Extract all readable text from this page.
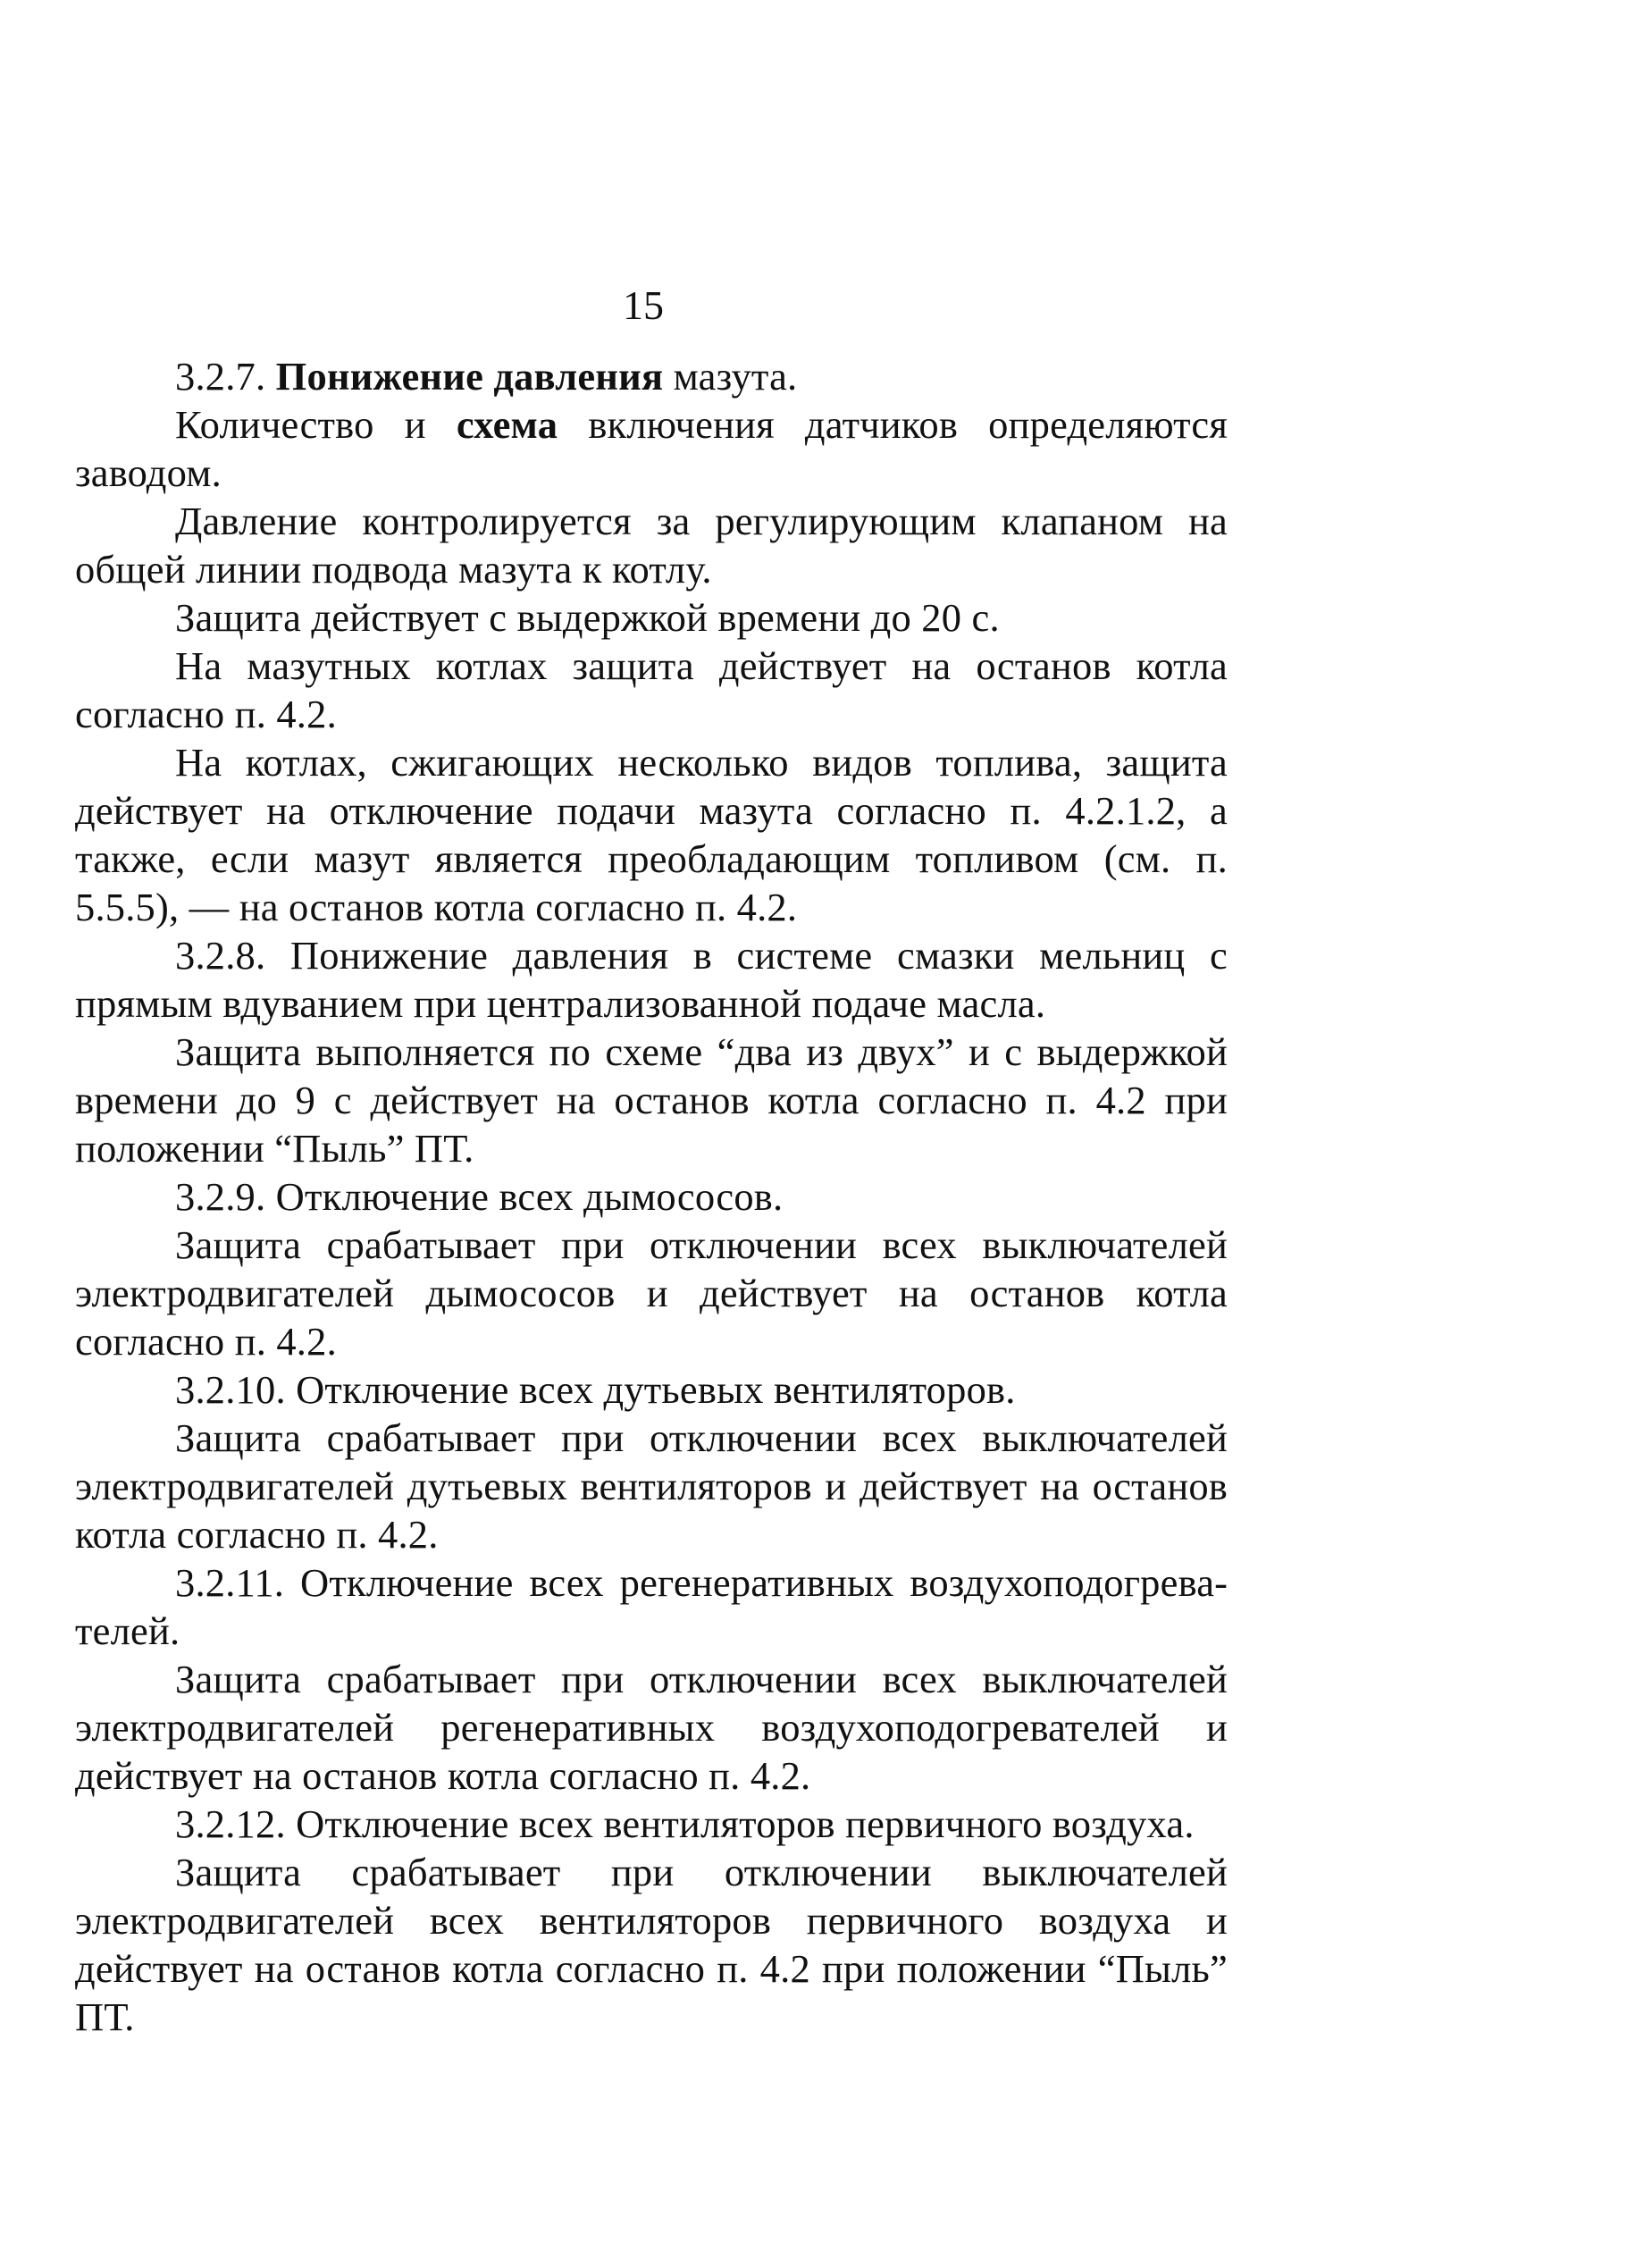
15

3.2.7. Понижение давления мазута.

Количество и схема включения датчиков определяются заводом.

Давление контролируется за регулирующим клапаном на общей линии подвода мазута к котлу.

Защита действует с выдержкой времени до 20 с.

На мазутных котлах защита действует на останов котла согласно п. 4.2.

На котлах, сжигающих несколько видов топлива, защита действует на отключение подачи мазута согласно п. 4.2.1.2, а также, если мазут является преобладающим топливом (см. п. 5.5.5), — на останов котла согласно п. 4.2.

3.2.8. Понижение давления в системе смазки мельниц с прямым вдуванием при централизованной подаче масла.

Защита выполняется по схеме “два из двух” и с выдержкой времени до 9 с действует на останов котла согласно п. 4.2 при положении “Пыль” ПТ.

3.2.9. Отключение всех дымососов.

Защита срабатывает при отключении всех выключателей электродвигателей дымососов и действует на останов котла согласно п. 4.2.

3.2.10. Отключение всех дутьевых вентиляторов.

Защита срабатывает при отключении всех выключателей электродвигателей дутьевых вентиляторов и действует на останов котла согласно п. 4.2.

3.2.11. Отключение всех регенеративных воздухоподогревателей.

Защита срабатывает при отключении всех выключателей электродвигателей регенеративных воздухоподогревателей и действует на останов котла согласно п. 4.2.

3.2.12. Отключение всех вентиляторов первичного воздуха.

Защита срабатывает при отключении выключателей электродвигателей всех вентиляторов первичного воздуха и действует на останов котла согласно п. 4.2 при положении “Пыль” ПТ.
